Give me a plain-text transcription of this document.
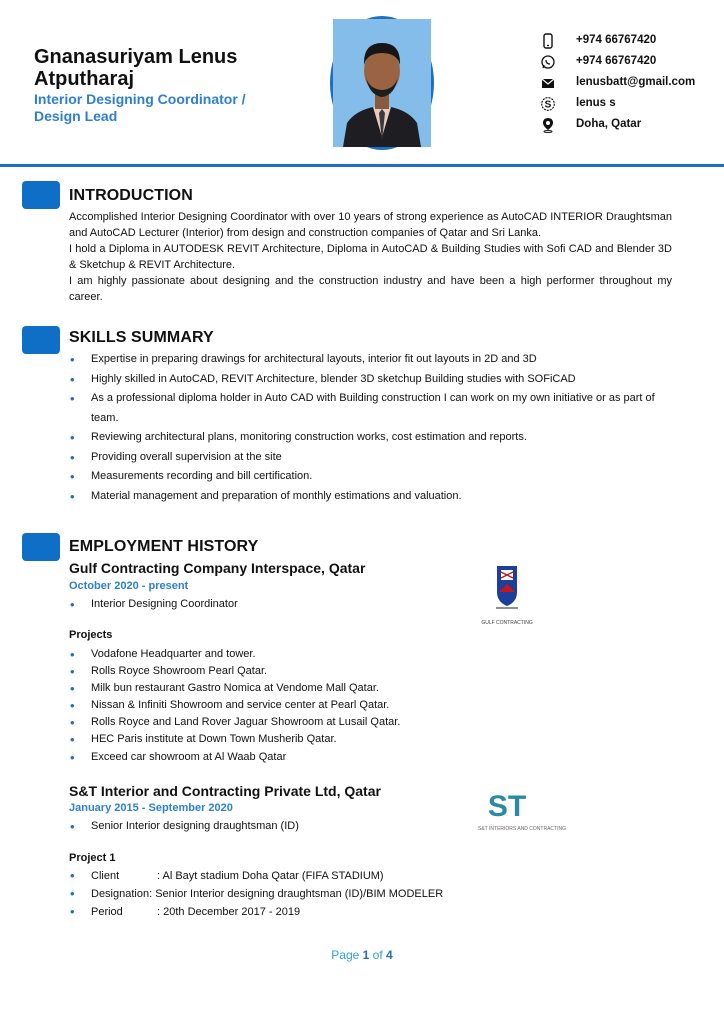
Gnanasuriyam Lenus Atputharaj
Interior Designing Coordinator / Design Lead
+974 66767420
+974 66767420
lenusbatt@gmail.com
S lenus s
Doha, Qatar
INTRODUCTION
Accomplished Interior Designing Coordinator with over 10 years of strong experience as AutoCAD INTERIOR Draughtsman and AutoCAD Lecturer (Interior) from design and construction companies of Qatar and Sri Lanka.
I hold a Diploma in AUTODESK REVIT Architecture, Diploma in AutoCAD & Building Studies with Sofi CAD and Blender 3D & Sketchup & REVIT Architecture.
I am highly passionate about designing and the construction industry and have been a high performer throughout my career.
SKILLS SUMMARY
• Expertise in preparing drawings for architectural layouts, interior fit out layouts in 2D and 3D
• Highly skilled in AutoCAD, REVIT Architecture, blender 3D sketchup Building studies with SOFiCAD
• As a professional diploma holder in Auto CAD with Building construction I can work on my own initiative or as part of team.
• Reviewing architectural plans, monitoring construction works, cost estimation and reports.
• Providing overall supervision at the site
• Measurements recording and bill certification.
• Material management and preparation of monthly estimations and valuation.
EMPLOYMENT HISTORY
Gulf Contracting Company Interspace, Qatar
October 2020 - present
• Interior Designing Coordinator
Projects
• Vodafone Headquarter and tower.
• Rolls Royce Showroom Pearl Qatar.
• Milk bun restaurant Gastro Nomica at Vendome Mall Qatar.
• Nissan & Infiniti Showroom and service center at Pearl Qatar.
• Rolls Royce and Land Rover Jaguar Showroom at Lusail Qatar.
• HEC Paris institute at Down Town Musherib Qatar.
• Exceed car showroom at Al Waab Qatar
GULF CONTRACTING
S&T Interior and Contracting Private Ltd, Qatar
January 2015 - September 2020
• Senior Interior designing draughtsman (ID)
Project 1
• Client	: Al Bayt stadium Doha Qatar (FIFA STADIUM)
• Designation: Senior Interior designing draughtsman (ID)/BIM MODELER
• Period	: 20th December 2017 - 2019
ST
S&T INTERIORS AND CONTRACTING
Page 1 of 4
